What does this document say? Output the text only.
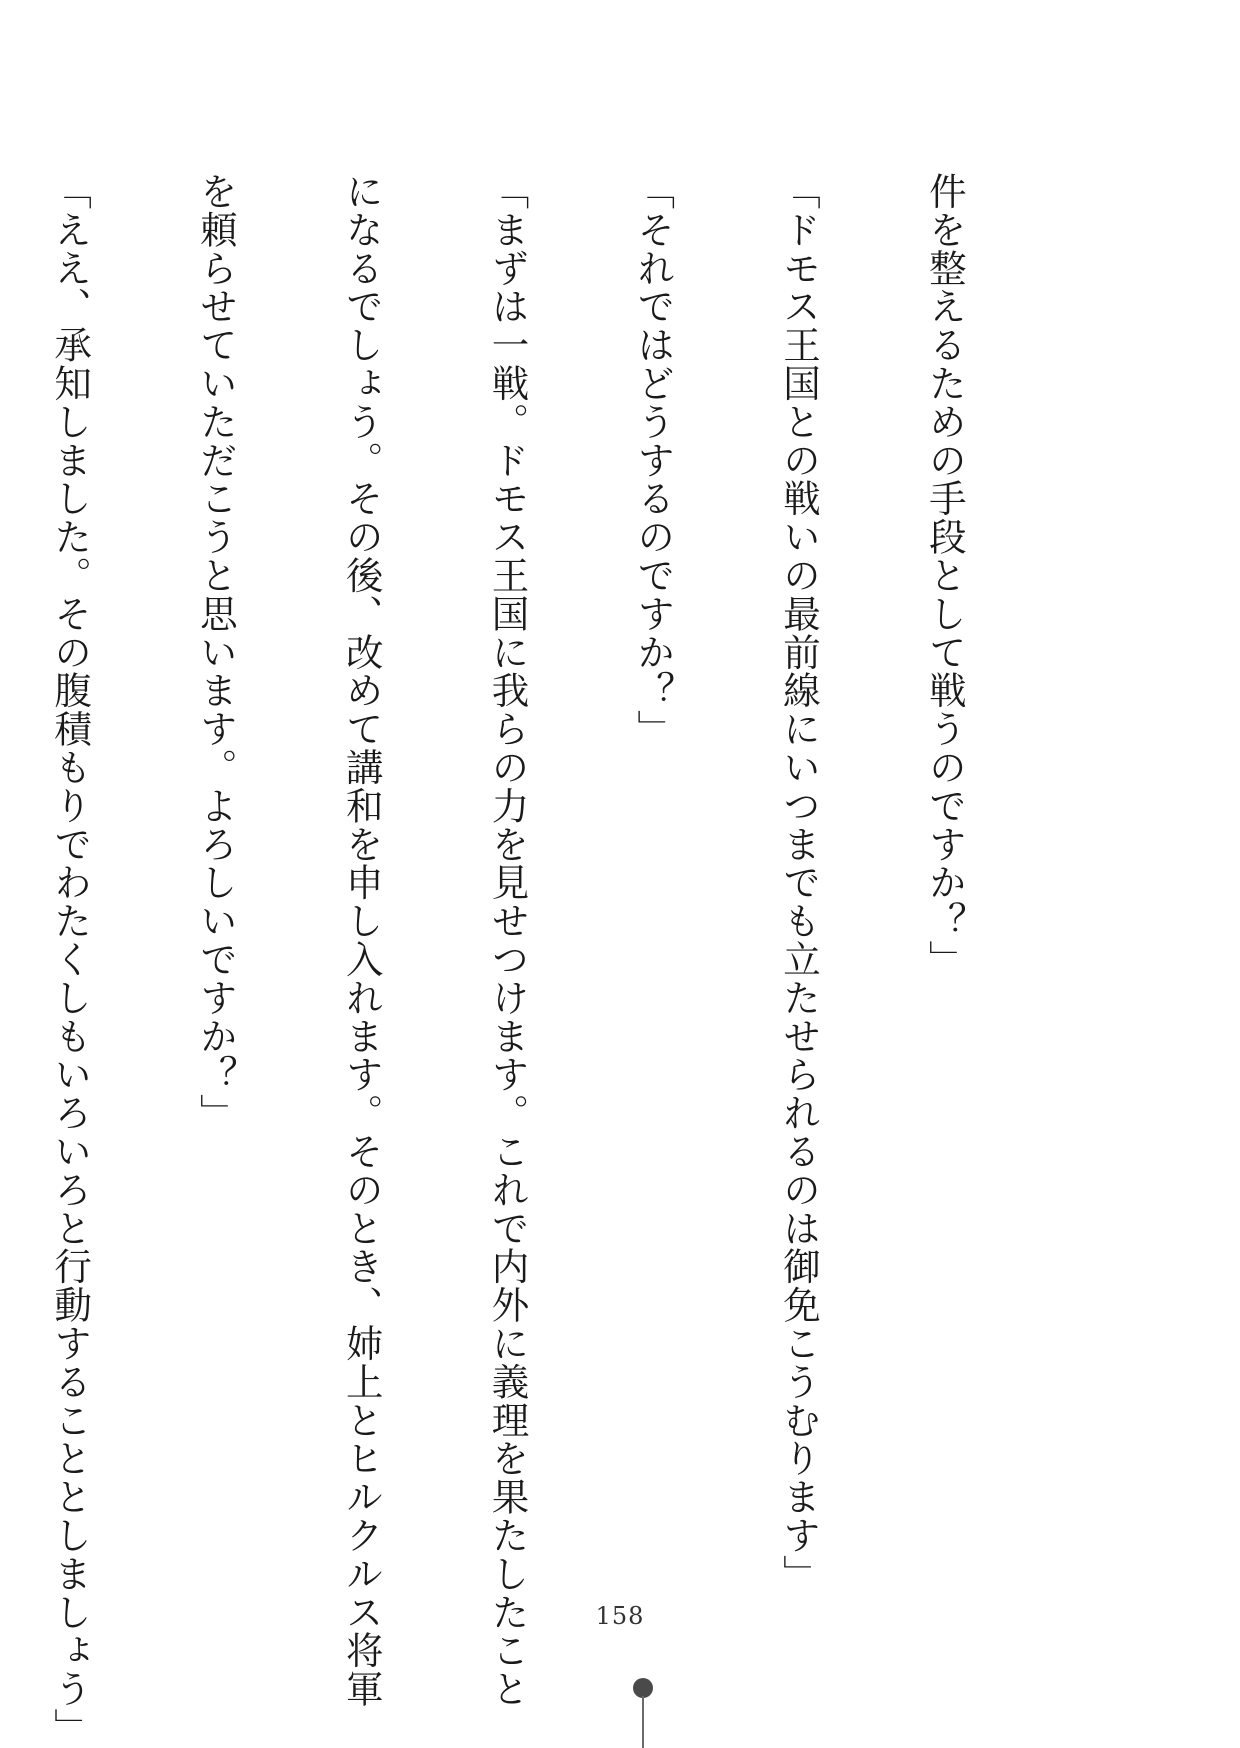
件を整えるための手段として戦うのですか？」

「ドモス王国との戦いの最前線にいつまでも立たせられるのは御免こうむります」

「それではどうするのですか？」

「まずは一戦。ドモス王国に我らの力を見せつけます。これで内外に義理を果たしたこと

になるでしょう。その後、改めて講和を申し入れます。そのとき、姉上とヒルクルス将軍

を頼らせていただこうと思います。よろしいですか？」

「ええ、承知しました。その腹積もりでわたくしもいろいろと行動することとしましょう」

	158
